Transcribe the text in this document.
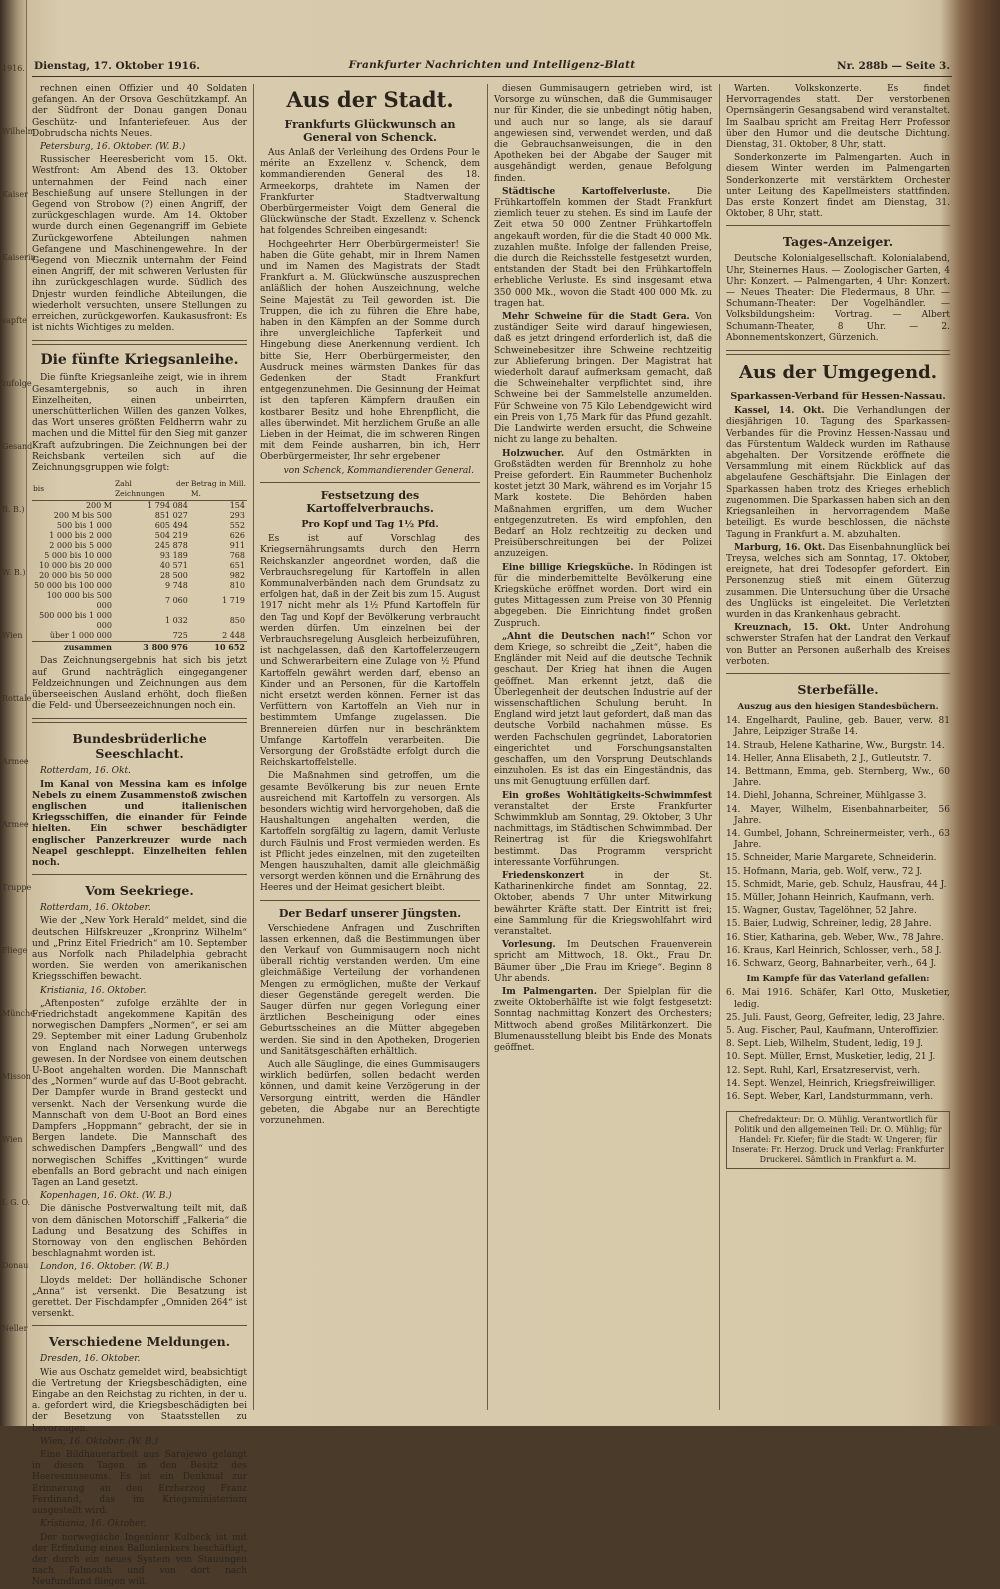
1916.
Wilhelm
Kaiser
Kaiserin
sapfte
zufolge
Gesand
B. B.)
W. B.)
Wien
Rottale
Armee
Armee
Truppe
Fliege
Münche
Misson
Wien
I. G. O.
Donau
Neller
Dienstag, 17. Oktober 1916.	Frankfurter Nachrichten und Intelligenz-Blatt	Nr. 288b — Seite 3.

rechnen einen Offizier und 40 Soldaten gefangen. An der Orsova Geschützkampf. An der Südfront der Donau gangen Donau Geschütz- und Infanteriefeuer. Aus der Dobrudscha nichts Neues.

Petersburg, 16. Oktober. (W. B.)

Russischer Heeresbericht vom 15. Okt. Westfront: Am Abend des 13. Oktober unternahmen der Feind nach einer Beschießung auf unsere Stellungen in der Gegend von Strobow (?) einen Angriff, der zurückgeschlagen wurde. Am 14. Oktober wurde durch einen Gegenangriff im Gebiete Zurückgeworfene Abteilungen nahmen Gefangene und Maschinengewehre. In der Gegend von Miecznik unternahm der Feind einen Angriff, der mit schweren Verlusten für ihn zurückgeschlagen wurde. Südlich des Dnjestr wurden feindliche Abteilungen, die wiederholt versuchten, unsere Stellungen zu erreichen, zurückgeworfen. Kaukasusfront: Es ist nichts Wichtiges zu melden.

Die fünfte Kriegsanleihe.

Die fünfte Kriegsanleihe zeigt, wie in ihrem Gesamtergebnis, so auch in ihren Einzelheiten, einen unbeirrten, unerschütterlichen Willen des ganzen Volkes, das Wort unseres größten Feldherrn wahr zu machen und die Mittel für den Sieg mit ganzer Kraft aufzubringen. Die Zeichnungen bei der Reichsbank verteilen sich auf die Zeichnungsgruppen wie folgt:

bis	Zahl der Zeichnungen	Betrag in Mill. M.
200 M	1 794 084	154
200 M bis 500	851 027	293
500 bis 1 000	605 494	552
1 000 bis 2 000	504 219	626
2 000 bis 5 000	245 878	911
5 000 bis 10 000	93 189	768
10 000 bis 20 000	40 571	651
20 000 bis 50 000	28 500	982
50 000 bis 100 000	9 748	810
100 000 bis 500 000	7 060	1 719
500 000 bis 1 000 000	1 032	850
über 1 000 000	725	2 448
zusammen	3 800 976	10 652

Das Zeichnungsergebnis hat sich bis jetzt auf Grund nachträglich eingegangener Feldzeichnungen und Zeichnungen aus dem überseeischen Ausland erhöht, doch fließen die Feld- und Überseezeichnungen noch ein.

Bundesbrüderliche Seeschlacht.

Rotterdam, 16. Okt.

Im Kanal von Messina kam es infolge Nebels zu einem Zusammenstoß zwischen englischen und italienischen Kriegsschiffen, die einander für Feinde hielten. Ein schwer beschädigter englischer Panzerkreuzer wurde nach Neapel geschleppt. Einzelheiten fehlen noch.

Vom Seekriege.

Rotterdam, 16. Oktober.

Wie der „New York Herald“ meldet, sind die deutschen Hilfskreuzer „Kronprinz Wilhelm“ und „Prinz Eitel Friedrich“ am 10. September aus Norfolk nach Philadelphia gebracht worden. Sie werden von amerikanischen Kriegsschiffen bewacht.

Kristiania, 16. Oktober.

„Aftenposten“ zufolge erzählte der in Friedrichstadt angekommene Kapitän des norwegischen Dampfers „Normen“, er sei am 29. September mit einer Ladung Grubenholz von England nach Norwegen unterwegs gewesen. In der Nordsee von einem deutschen U-Boot angehalten worden. Die Mannschaft des „Normen“ wurde auf das U-Boot gebracht. Der Dampfer wurde in Brand gesteckt und versenkt. Nach der Versenkung wurde die Mannschaft von dem U-Boot an Bord eines Dampfers „Hoppmann“ gebracht, der sie in Bergen landete. Die Mannschaft des schwedischen Dampfers „Bengwall“ und des norwegischen Schiffes „Kvittingen“ wurde ebenfalls an Bord gebracht und nach einigen Tagen an Land gesetzt.

Kopenhagen, 16. Okt. (W. B.)

Die dänische Postverwaltung teilt mit, daß von dem dänischen Motorschiff „Falkeria“ die Ladung und Besatzung des Schiffes in Stornoway von den englischen Behörden beschlagnahmt worden ist.

London, 16. Oktober. (W. B.)

Lloyds meldet: Der holländische Schoner „Anna“ ist versenkt. Die Besatzung ist gerettet. Der Fischdampfer „Omniden 264“ ist versenkt.

Verschiedene Meldungen.

Dresden, 16. Oktober.

Wie aus Oschatz gemeldet wird, beabsichtigt die Vertretung der Kriegsbeschädigten, eine Eingabe an den Reichstag zu richten, in der u. a. gefordert wird, die Kriegsbeschädigten bei der Besetzung von Staatsstellen zu bevorzugen.

Wien, 16. Oktober. (W. B.)

Eine Bildhauerarbeit aus Sarajewo gelangt in diesen Tagen in den Besitz des Heeresmuseums. Es ist ein Denkmal zur Erinnerung an den Erzherzog Franz Ferdinand, das im Kriegsministerium ausgestellt wird.

Kristiania, 16. Oktober.

Der norwegische Ingenieur Kulbeck ist mit der Erfindung eines Ballonlenkers beschäftigt, der durch ein neues System von Stauungen nach Falmouth und von dort nach Neufundland fliegen will.

Aus der Stadt.
Frankfurts Glückwunsch an General von Schenck.

Aus Anlaß der Verleihung des Ordens Pour le mérite an Exzellenz v. Schenck, dem kommandierenden General des 18. Armeekorps, drahtete im Namen der Frankfurter Stadtverwaltung Oberbürgermeister Voigt dem General die Glückwünsche der Stadt. Exzellenz v. Schenck hat folgendes Schreiben eingesandt:

Hochgeehrter Herr Oberbürgermeister! Sie haben die Güte gehabt, mir in Ihrem Namen und im Namen des Magistrats der Stadt Frankfurt a. M. Glückwünsche auszusprechen anläßlich der hohen Auszeichnung, welche Seine Majestät zu Teil geworden ist. Die Truppen, die ich zu führen die Ehre habe, haben in den Kämpfen an der Somme durch ihre unvergleichliche Tapferkeit und Hingebung diese Anerkennung verdient. Ich bitte Sie, Herr Oberbürgermeister, den Ausdruck meines wärmsten Dankes für das Gedenken der Stadt Frankfurt entgegenzunehmen. Die Gesinnung der Heimat ist den tapferen Kämpfern draußen ein kostbarer Besitz und hohe Ehrenpflicht, die alles überwindet. Mit herzlichem Gruße an alle Lieben in der Heimat, die im schweren Ringen mit dem Feinde ausharren, bin ich, Herr Oberbürgermeister, Ihr sehr ergebener

von Schenck, Kommandierender General.
Festsetzung des Kartoffelverbrauchs.
Pro Kopf und Tag 1½ Pfd.

Es ist auf Vorschlag des Kriegsernährungsamts durch den Herrn Reichskanzler angeordnet worden, daß die Verbrauchsregelung für Kartoffeln in allen Kommunalverbänden nach dem Grundsatz zu erfolgen hat, daß in der Zeit bis zum 15. August 1917 nicht mehr als 1½ Pfund Kartoffeln für den Tag und Kopf der Bevölkerung verbraucht werden dürfen. Um einzelnen bei der Verbrauchsregelung Ausgleich herbeizuführen, ist nachgelassen, daß den Kartoffelerzeugern und Schwerarbeitern eine Zulage von ½ Pfund Kartoffeln gewährt werden darf, ebenso an Kinder und an Personen, für die Kartoffeln nicht ersetzt werden können. Ferner ist das Verfüttern von Kartoffeln an Vieh nur in bestimmtem Umfange zugelassen. Die Brennereien dürfen nur in beschränktem Umfange Kartoffeln verarbeiten. Die Versorgung der Großstädte erfolgt durch die Reichskartoffelstelle.

Die Maßnahmen sind getroffen, um die gesamte Bevölkerung bis zur neuen Ernte ausreichend mit Kartoffeln zu versorgen. Als besonders wichtig wird hervorgehoben, daß die Haushaltungen angehalten werden, die Kartoffeln sorgfältig zu lagern, damit Verluste durch Fäulnis und Frost vermieden werden. Es ist Pflicht jedes einzelnen, mit den zugeteilten Mengen hauszuhalten, damit alle gleichmäßig versorgt werden können und die Ernährung des Heeres und der Heimat gesichert bleibt.

Der Bedarf unserer Jüngsten.

Verschiedene Anfragen und Zuschriften lassen erkennen, daß die Bestimmungen über den Verkauf von Gummisaugern noch nicht überall richtig verstanden werden. Um eine gleichmäßige Verteilung der vorhandenen Mengen zu ermöglichen, mußte der Verkauf dieser Gegenstände geregelt werden. Die Sauger dürfen nur gegen Vorlegung einer ärztlichen Bescheinigung oder eines Geburtsscheines an die Mütter abgegeben werden. Sie sind in den Apotheken, Drogerien und Sanitätsgeschäften erhältlich.

Auch alle Säuglinge, die eines Gummisaugers wirklich bedürfen, sollen bedacht werden können, und damit keine Verzögerung in der Versorgung eintritt, werden die Händler gebeten, die Abgabe nur an Berechtigte vorzunehmen.

diesen Gummisaugern getrieben wird, ist Vorsorge zu wünschen, daß die Gummisauger nur für Kinder, die sie unbedingt nötig haben, und auch nur so lange, als sie darauf angewiesen sind, verwendet werden, und daß die Gebrauchsanweisungen, die in den Apotheken bei der Abgabe der Sauger mit ausgehändigt werden, genaue Befolgung finden.

Städtische Kartoffelverluste.	Die Frühkartoffeln kommen der Stadt Frankfurt ziemlich teuer zu stehen. Es sind im Laufe der Zeit etwa 50 000 Zentner Frühkartoffeln angekauft worden, für die die Stadt 40 000 Mk. zuzahlen mußte. Infolge der fallenden Preise, die durch die Reichsstelle festgesetzt wurden, entstanden der Stadt bei den Frühkartoffeln erhebliche Verluste. Es sind insgesamt etwa 350 000 Mk., wovon die Stadt 400 000 Mk. zu tragen hat.

Mehr Schweine für die Stadt Gera. Von zuständiger Seite wird darauf hingewiesen, daß es jetzt dringend erforderlich ist, daß die Schweinebesitzer ihre Schweine rechtzeitig zur Ablieferung bringen. Der Magistrat hat wiederholt darauf aufmerksam gemacht, daß die Schweinehalter verpflichtet sind, ihre Schweine bei der Sammelstelle anzumelden. Für Schweine von 75 Kilo Lebendgewicht wird ein Preis von 1,75 Mark für das Pfund gezahlt. Die Landwirte werden ersucht, die Schweine nicht zu lange zu behalten.

Holzwucher. Auf den Ostmärkten in Großstädten werden für Brennholz zu hohe Preise gefordert. Ein Raummeter Buchenholz kostet jetzt 30 Mark, während es im Vorjahr 15 Mark kostete. Die Behörden haben Maßnahmen ergriffen, um dem Wucher entgegenzutreten. Es wird empfohlen, den Bedarf an Holz rechtzeitig zu decken und Preisüberschreitungen bei der Polizei anzuzeigen.

Eine billige Kriegsküche. In Rödingen ist für die minderbemittelte Bevölkerung eine Kriegsküche eröffnet worden. Dort wird ein gutes Mittagessen zum Preise von 30 Pfennig abgegeben. Die Einrichtung findet großen Zuspruch.

„Ahnt die Deutschen nach!“ Schon vor dem Kriege, so schreibt die „Zeit“, haben die Engländer mit Neid auf die deutsche Technik geschaut. Der Krieg hat ihnen die Augen geöffnet. Man erkennt jetzt, daß die Überlegenheit der deutschen Industrie auf der wissenschaftlichen Schulung beruht. In England wird jetzt laut gefordert, daß man das deutsche Vorbild nachahmen müsse. Es werden Fachschulen gegründet, Laboratorien eingerichtet und Forschungsanstalten geschaffen, um den Vorsprung Deutschlands einzuholen. Es ist das ein Eingeständnis, das uns mit Genugtuung erfüllen darf.

Ein großes Wohltätigkeits-Schwimmfest veranstaltet der Erste Frankfurter Schwimmklub am Sonntag, 29. Oktober, 3 Uhr nachmittags, im Städtischen Schwimmbad. Der Reinertrag ist für die Kriegswohlfahrt bestimmt. Das Programm verspricht interessante Vorführungen.

Friedenskonzert	in der St. Katharinenkirche findet am Sonntag, 22. Oktober, abends 7 Uhr unter Mitwirkung bewährter Kräfte statt. Der Eintritt ist frei; eine Sammlung für die Kriegswohlfahrt wird veranstaltet.

Vorlesung. Im Deutschen Frauenverein spricht am Mittwoch, 18. Okt., Frau Dr. Bäumer über „Die Frau im Kriege“. Beginn 8 Uhr abends.

Im Palmengarten. Der Spielplan für die zweite Oktoberhälfte ist wie folgt festgesetzt: Sonntag nachmittag Konzert des Orchesters; Mittwoch abend großes Militärkonzert. Die Blumenausstellung bleibt bis Ende des Monats geöffnet.

Warten. Volkskonzerte. Es findet Hervorragendes statt. Der verstorbenen Opernsängerin Gesangsabend wird veranstaltet. Im Saalbau spricht am Freitag Herr Professor über den Humor und die deutsche Dichtung. Dienstag, 31. Oktober, 8 Uhr, statt.

Sonderkonzerte im Palmengarten. Auch in diesem Winter werden im Palmengarten Sonderkonzerte mit verstärktem Orchester unter Leitung des Kapellmeisters stattfinden. Das erste Konzert findet am Dienstag, 31. Oktober, 8 Uhr, statt.

Tages-Anzeiger.

Deutsche Kolonialgesellschaft. Kolonialabend, Uhr, Steinernes Haus. — Zoologischer Garten, 4 Uhr: Konzert. — Palmengarten, 4 Uhr: Konzert. — Neues Theater: Die Fledermaus, 8 Uhr. — Schumann-Theater: Der Vogelhändler. — Volksbildungsheim: Vortrag. — Albert Schumann-Theater, 8 Uhr. — 2. Abonnementskonzert, Gürzenich.

Aus der Umgegend.
Sparkassen-Verband für Hessen-Nassau.

Kassel, 14. Okt. Die Verhandlungen der diesjährigen 10. Tagung des Sparkassen-Verbandes für die Provinz Hessen-Nassau und das Fürstentum Waldeck wurden im Rathause abgehalten. Der Vorsitzende eröffnete die Versammlung mit einem Rückblick auf das abgelaufene Geschäftsjahr. Die Einlagen der Sparkassen haben trotz des Krieges erheblich zugenommen. Die Sparkassen haben sich an den Kriegsanleihen in hervorragendem Maße beteiligt. Es wurde beschlossen, die nächste Tagung in Frankfurt a. M. abzuhalten.

Marburg, 16. Okt. Das Eisenbahnunglück bei Treysa, welches sich am Sonntag, 17. Oktober, ereignete, hat drei Todesopfer gefordert. Ein Personenzug stieß mit einem Güterzug zusammen. Die Untersuchung über die Ursache des Unglücks ist eingeleitet. Die Verletzten wurden in das Krankenhaus gebracht.

Kreuznach, 15. Okt. Unter Androhung schwerster Strafen hat der Landrat den Verkauf von Butter an Personen außerhalb des Kreises verboten.

Sterbefälle.
Auszug aus den hiesigen Standesbüchern.

14. Engelhardt, Pauline, geb. Bauer, verw. 81 Jahre, Leipziger Straße 14.

14. Straub, Helene Katharine, Ww., Burgstr. 14.

14. Heller, Anna Elisabeth, 2 J., Gutleutstr. 7.

14. Bettmann, Emma, geb. Sternberg, Ww., 60 Jahre.

14. Diehl, Johanna, Schreiner, Mühlgasse 3.

14. Mayer, Wilhelm, Eisenbahnarbeiter, 56 Jahre.

14. Gumbel, Johann, Schreinermeister, verh., 63 Jahre.

15. Schneider, Marie Margarete, Schneiderin.

15. Hofmann, Maria, geb. Wolf, verw., 72 J.

15. Schmidt, Marie, geb. Schulz, Hausfrau, 44 J.

15. Müller, Johann Heinrich, Kaufmann, verh.

15. Wagner, Gustav, Tagelöhner, 52 Jahre.

15. Baier, Ludwig, Schreiner, ledig, 28 Jahre.

16. Stier, Katharina, geb. Weber, Ww., 78 Jahre.

16. Kraus, Karl Heinrich, Schlosser, verh., 58 J.

16. Schwarz, Georg, Bahnarbeiter, verh., 64 J.

Im Kampfe für das Vaterland gefallen:

6. Mai 1916. Schäfer, Karl Otto, Musketier, ledig.

25. Juli. Faust, Georg, Gefreiter, ledig, 23 Jahre.

5. Aug. Fischer, Paul, Kaufmann, Unteroffizier.

8. Sept. Lieb, Wilhelm, Student, ledig, 19 J.

10. Sept. Müller, Ernst, Musketier, ledig, 21 J.

12. Sept. Ruhl, Karl, Ersatzreservist, verh.

14. Sept. Wenzel, Heinrich, Kriegsfreiwilliger.

16. Sept. Weber, Karl, Landsturmmann, verh.

Chefredakteur: Dr. O. Mühlig. Verantwortlich für Politik und den allgemeinen Teil: Dr. O. Mühlig; für Handel: Fr. Kiefer; für die Stadt: W. Ungerer; für Inserate: Fr. Herzog. Druck und Verlag: Frankfurter Druckerei. Sämtlich in Frankfurt a. M.
